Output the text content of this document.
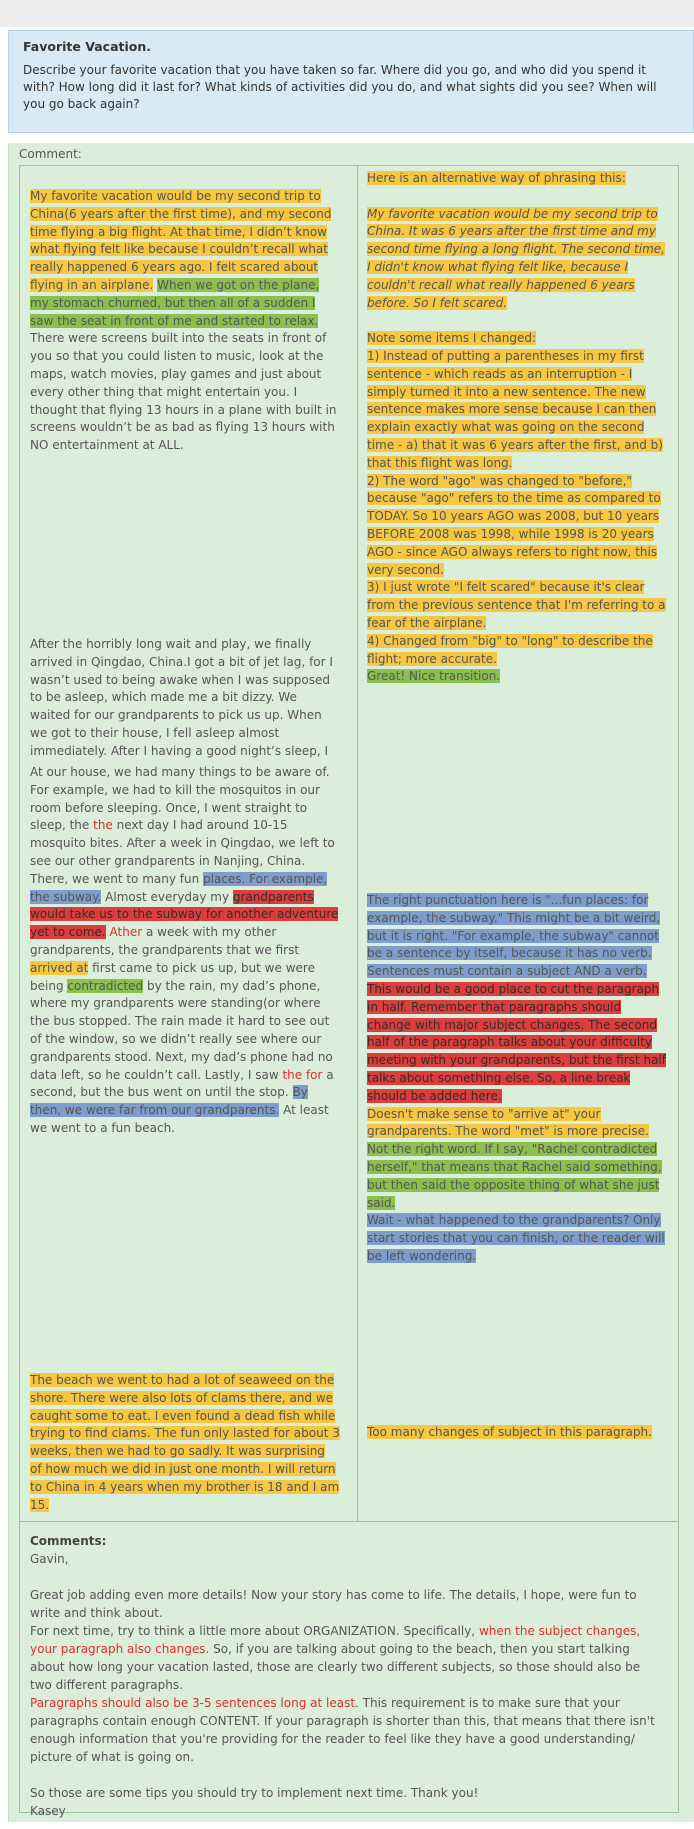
Favorite Vacation.

Describe your favorite vacation that you have taken so far. Where did you go, and who did you spend it with? How long did it last for? What kinds of activities did you do, and what sights did you see? When will you go back again?

Comment:
My favorite vacation would be my second trip to China(6 years after the first time), and my second time flying a big flight. At that time, I didn’t know what flying felt like because I couldn’t recall what really happened 6 years ago. I felt scared about flying in an airplane. When we got on the plane, my stomach churned, but then all of a sudden I saw the seat in front of me and started to relax. There were screens built into the seats in front of you so that you could listen to music, look at the maps, watch movies, play games and just about every other thing that might entertain you. I thought that flying 13 hours in a plane with built in screens wouldn’t be as bad as flying 13 hours with NO entertainment at ALL.
Here is an alternative way of phrasing this:

My favorite vacation would be my second trip to China. It was 6 years after the first time and my second time flying a long flight. The second time, I didn't know what flying felt like, because I couldn't recall what really happened 6 years before. So I felt scared.

Note some items I changed:
1) Instead of putting a parentheses in my first sentence - which reads as an interruption - I simply turned it into a new sentence. The new sentence makes more sense because I can then explain exactly what was going on the second time - a) that it was 6 years after the first, and b) that this flight was long.
2) The word "ago" was changed to "before," because "ago" refers to the time as compared to TODAY. So 10 years AGO was 2008, but 10 years BEFORE 2008 was 1998, while 1998 is 20 years AGO - since AGO always refers to right now, this very second.
3) I just wrote "I felt scared" because it's clear from the previous sentence that I'm referring to a fear of the airplane.
4) Changed from "big" to "long" to describe the flight; more accurate.
Great! Nice transition.
After the horribly long wait and play, we finally arrived in Qingdao, China.I got a bit of jet lag, for I wasn’t used to being awake when I was supposed to be asleep, which made me a bit dizzy. We waited for our grandparents to pick us up. When we got to their house, I fell asleep almost immediately. After I having a good night’s sleep, I
At our house, we had many things to be aware of. For example, we had to kill the mosquitos in our room before sleeping. Once, I went straight to sleep, the the next day I had around 10-15 mosquito bites. After a week in Qingdao, we left to see our other grandparents in Nanjing, China. There, we went to many fun places. For example, the subway. Almost everyday my grandparents would take us to the subway for another adventure yet to come. Ather a week with my other grandparents, the grandparents that we first arrived at first came to pick us up, but we were being contradicted by the rain, my dad’s phone, where my grandparents were standing(or where the bus stopped. The rain made it hard to see out of the window, so we didn’t really see where our grandparents stood. Next, my dad’s phone had no data left, so he couldn’t call. Lastly, I saw the for a second, but the bus went on until the stop. By then, we were far from our grandparents. At least we went to a fun beach.
The right punctuation here is "...fun places: for example, the subway." This might be a bit weird, but it is right. "For example, the subway" cannot be a sentence by itself, because it has no verb. Sentences must contain a subject AND a verb.
This would be a good place to cut the paragraph in half. Remember that paragraphs should change with major subject changes. The second half of the paragraph talks about your difficulty meeting with your grandparents, but the first half talks about something else. So, a line break should be added here.
Doesn't make sense to "arrive at" your grandparents. The word "met" is more precise.
Not the right word. If I say, "Rachel contradicted herself," that means that Rachel said something, but then said the opposite thing of what she just said.
Wait - what happened to the grandparents? Only start stories that you can finish, or the reader will be left wondering.
The beach we went to had a lot of seaweed on the shore. There were also lots of clams there, and we caught some to eat. I even found a dead fish while trying to find clams. The fun only lasted for about 3 weeks, then we had to go sadly. It was surprising of how much we did in just one month. I will return to China in 4 years when my brother is 18 and I am 15.
Too many changes of subject in this paragraph.
Comments:
Gavin,

Great job adding even more details! Now your story has come to life. The details, I hope, were fun to write and think about.
For next time, try to think a little more about ORGANIZATION. Specifically, when the subject changes, your paragraph also changes. So, if you are talking about going to the beach, then you start talking about how long your vacation lasted, those are clearly two different subjects, so those should also be two different paragraphs.
Paragraphs should also be 3-5 sentences long at least. This requirement is to make sure that your paragraphs contain enough CONTENT. If your paragraph is shorter than this, that means that there isn't enough information that you're providing for the reader to feel like they have a good understanding/ picture of what is going on.

So those are some tips you should try to implement next time. Thank you!
Kasey
